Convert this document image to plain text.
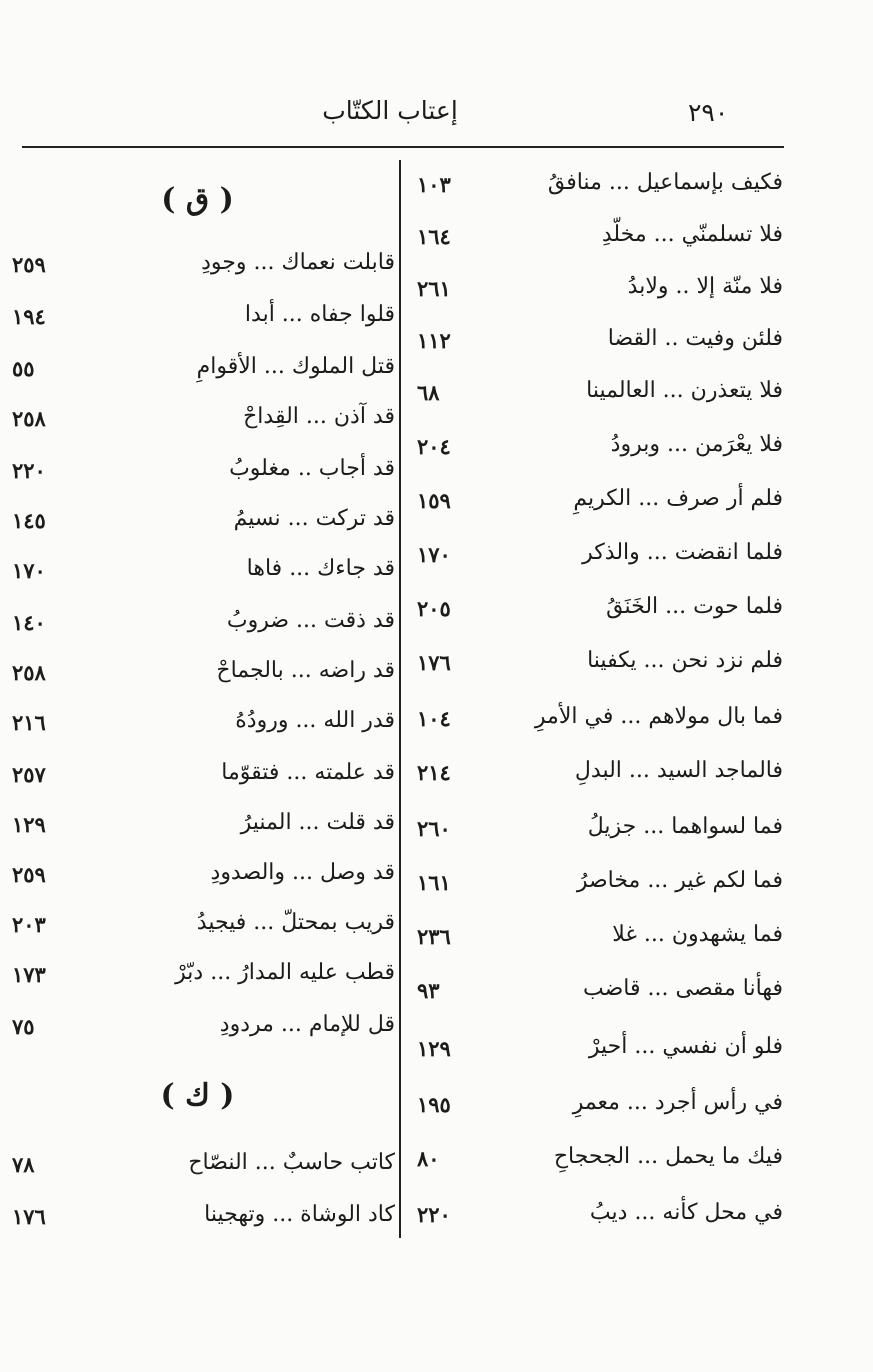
٢٩٠
إعتاب الكتّاب
فكيف بإسماعيل ... منافقُ
١٠٣
فلا تسلمنّي ... مخلّدِ
١٦٤
فلا منّة إلا .. ولابدُ
٢٦١
فلئن وفيت .. القضا
١١٢
فلا يتعذرن ... العالمينا
٦٨
فلا يعْرَمن ... وبرودُ
٢٠٤
فلم أر صرف ... الكريمِ
١٥٩
فلما انقضت ... والذكر
١٧٠
فلما حوت ... الخَنَقُ
٢٠٥
فلم نزد نحن ... يكفينا
١٧٦
فما بال مولاهم ... في الأمرِ
١٠٤
فالماجد السيد ... البدلِ
٢١٤
فما لسواهما ... جزيلُ
٢٦٠
فما لكم غير ... مخاصرُ
١٦١
فما يشهدون ... غلا
٢٣٦
فهأنا مقصى ... قاضب
٩٣
فلو أن نفسي ... أحيرْ
١٢٩
في رأس أجرد ... معمرِ
١٩٥
فيك ما يحمل ... الجحجاحِ
٨٠
في محل كأنه ... ديبُ
٢٢٠
( ق )
قابلت نعماك ... وجودِ
٢٥٩
قلوا جفاه ... أبدا
١٩٤
قتل الملوك ... الأقوامِ
٥٥
قد آذن ... القِداحْ
٢٥٨
قد أجاب .. مغلوبُ
٢٢٠
قد تركت ... نسيمُ
١٤٥
قد جاءك ... فاها
١٧٠
قد ذقت ... ضروبُ
١٤٠
قد راضه ... بالجماحْ
٢٥٨
قدر الله ... ورودُهُ
٢١٦
قد علمته ... فتقوّما
٢٥٧
قد قلت ... المنيرُ
١٢٩
قد وصل ... والصدودِ
٢٥٩
قريب بمحتلّ ... فيجيدُ
٢٠٣
قطب عليه المدارُ ... دبّرْ
١٧٣
قل للإمام ... مردودِ
٧٥
( ك )
كاتب حاسبٌ ... النصّاح
٧٨
كاد الوشاة ... وتهجينا
١٧٦
